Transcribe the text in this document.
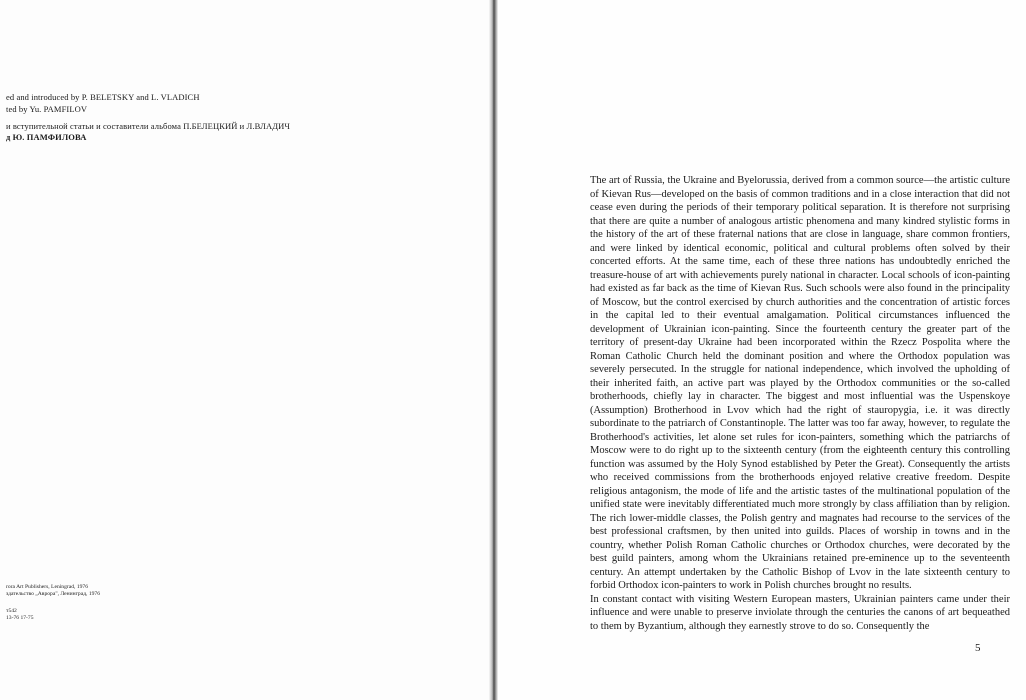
ed and introduced by P. BELETSKY and L. VLADICH
ted by Yu. PAMFILOV
и вступительной статьи и составители альбома П.БЕЛЕЦКИЙ и Л.ВЛАДИЧ
д Ю. ПАМФИЛОВА
rora Art Publishers, Leningrad, 1976
здательство „Аврора", Ленинград, 1976
т542
13-76 17-75

The art of Russia, the Ukraine and Byelorussia, derived from a common source—the artistic culture of Kievan Rus—developed on the basis of common traditions and in a close interaction that did not cease even during the periods of their temporary political separation. It is therefore not surprising that there are quite a number of analogous artistic phenomena and many kindred stylistic forms in the history of the art of these fraternal nations that are close in language, share common frontiers, and were linked by identical economic, political and cultural problems often solved by their concerted efforts. At the same time, each of these three nations has undoubtedly enriched the treasure-house of art with achievements purely national in character. Local schools of icon-painting had existed as far back as the time of Kievan Rus. Such schools were also found in the principality of Moscow, but the control exercised by church authorities and the concentration of artistic forces in the capital led to their eventual amalgamation. Political circumstances influenced the development of Ukrainian icon-painting. Since the fourteenth century the greater part of the territory of present-day Ukraine had been incorporated within the Rzecz Pospolita where the Roman Catholic Church held the dominant position and where the Orthodox population was severely persecuted. In the struggle for national independence, which involved the upholding of their inherited faith, an active part was played by the Orthodox communities or the so-called brotherhoods, chiefly lay in character. The biggest and most influential was the Uspenskoye (Assumption) Brotherhood in Lvov which had the right of stauropygia, i.e. it was directly subordinate to the patriarch of Constantinople. The latter was too far away, however, to regulate the Brotherhood's activities, let alone set rules for icon-painters, something which the patriarchs of Moscow were to do right up to the sixteenth century (from the eighteenth century this controlling function was assumed by the Holy Synod established by Peter the Great). Consequently the artists who received commissions from the brotherhoods enjoyed relative creative freedom. Despite religious antagonism, the mode of life and the artistic tastes of the multinational population of the unified state were inevitably differentiated much more strongly by class affiliation than by religion. The rich lower-middle classes, the Polish gentry and magnates had recourse to the services of the best professional craftsmen, by then united into guilds. Places of worship in towns and in the country, whether Polish Roman Catholic churches or Orthodox churches, were decorated by the best guild painters, among whom the Ukrainians retained pre-eminence up to the seventeenth century. An attempt undertaken by the Catholic Bishop of Lvov in the late sixteenth century to forbid Orthodox icon-painters to work in Polish churches brought no results.

In constant contact with visiting Western European masters, Ukrainian painters came under their influence and were unable to preserve inviolate through the centuries the canons of art bequeathed to them by Byzantium, although they earnestly strove to do so. Consequently the

5
